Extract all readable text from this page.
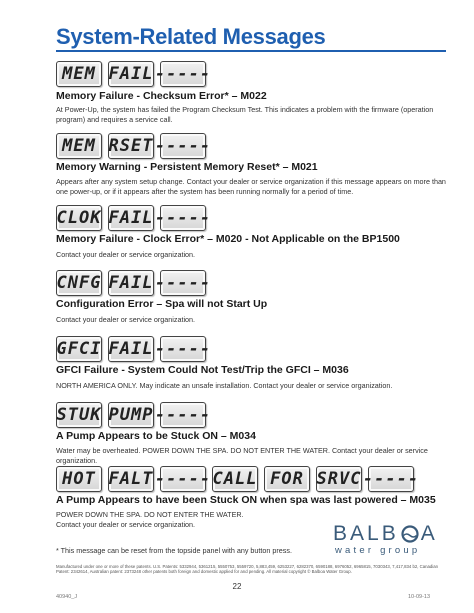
System-Related Messages
MEM FAIL -----
Memory Failure - Checksum Error* – M022
At Power-Up, the system has failed the Program Checksum Test. This indicates a problem with the firmware (operation program) and requires a service call.
MEM RSET -----
Memory Warning - Persistent Memory Reset* – M021
Appears after any system setup change. Contact your dealer or service organization if this message appears on more than one power-up, or if it appears after the system has been running normally for a period of time.
CLOK FAIL -----
Memory Failure - Clock Error* – M020 - Not Applicable on the BP1500
Contact your dealer or service organization.
CNFG FAIL -----
Configuration Error – Spa will not Start Up
Contact your dealer or service organization.
GFCI FAIL -----
GFCI Failure - System Could Not Test/Trip the GFCI – M036
NORTH AMERICA ONLY. May indicate an unsafe installation. Contact your dealer or service organization.
STUK PUMP -----
A Pump Appears to be Stuck ON – M034
Water may be overheated. POWER DOWN THE SPA. DO NOT ENTER THE WATER. Contact your dealer or service organization.
HOT FALT ----- CALL FOR SRVC -----
A Pump Appears to have been Stuck ON when spa was last powered – M035
POWER DOWN THE SPA. DO NOT ENTER THE WATER.
Contact your dealer or service organization.	BALB A
water group
* This message can be reset from the topside panel with any button press.
Manufactured under one or more of these patents. U.S. Patents: 5332944, 5361215, 5550753, 5559720, 5,883,459, 6253227, 6282370, 6590188, 6976052, 6965815, 7030343, 7,417,834 b2, Canadian Patent: 2342614, Australian patent: 2373248 other patents both foreign and domestic applied for and pending. All material copyright © Balboa Water Group.
22
40940_J	10-09-13
